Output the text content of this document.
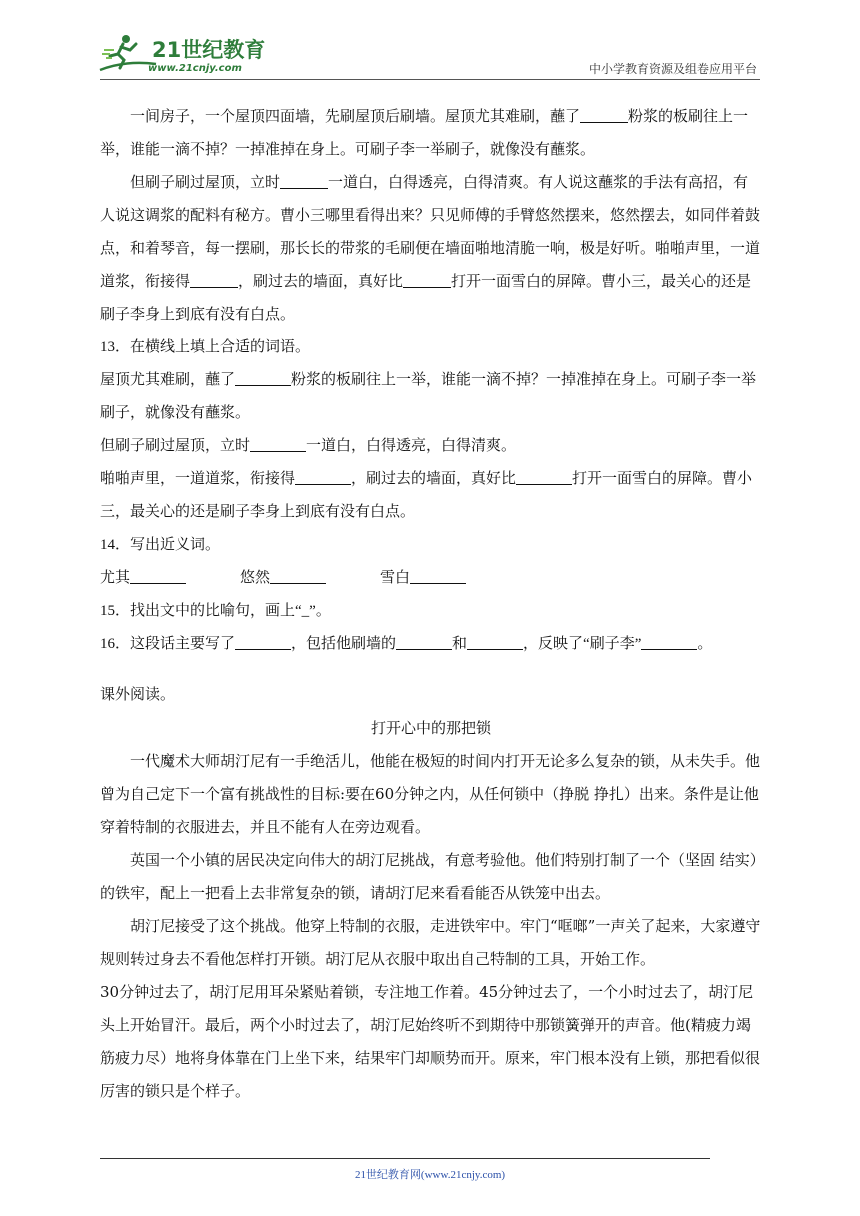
21世纪教育
www.21cnjy.com	中小学教育资源及组卷应用平台

一间房子，一个屋顶四面墙，先刷屋顶后刷墙。屋顶尤其难刷，蘸了	粉浆的板刷往上一举，谁能一滴不掉？一掉准掉在身上。可刷子李一举刷子，就像没有蘸浆。

但刷子刷过屋顶，立时	一道白，白得透亮，白得清爽。有人说这蘸浆的手法有高招，有人说这调浆的配料有秘方。曹小三哪里看得出来？只见师傅的手臂悠然摆来，悠然摆去，如同伴着鼓点，和着琴音，每一摆刷，那长长的带浆的毛刷便在墙面啪地清脆一响，极是好听。啪啪声里，一道道浆，衔接得	，刷过去的墙面，真好比	打开一面雪白的屏障。曹小三，最关心的还是刷子李身上到底有没有白点。

13．在横线上填上合适的词语。

屋顶尤其难刷，蘸了	粉浆的板刷往上一举，谁能一滴不掉？一掉准掉在身上。可刷子李一举刷子，就像没有蘸浆。

但刷子刷过屋顶，立时	一道白，白得透亮，白得清爽。

啪啪声里，一道道浆，衔接得	，刷过去的墙面，真好比	打开一面雪白的屏障。曹小三，最关心的还是刷子李身上到底有没有白点。

14．写出近义词。

尤其	悠然	雪白

15．找出文中的比喻句，画上“_”。

16．这段话主要写了	，包括他刷墙的	和	，反映了“刷子李”	。

课外阅读。

打开心中的那把锁

一代魔术大师胡汀尼有一手绝活儿，他能在极短的时间内打开无论多么复杂的锁，从未失手。他曾为自己定下一个富有挑战性的目标:要在60分钟之内，从任何锁中（挣脱 挣扎）出来。条件是让他穿着特制的衣服进去，并且不能有人在旁边观看。

英国一个小镇的居民决定向伟大的胡汀尼挑战，有意考验他。他们特别打制了一个（坚固 结实）的铁牢，配上一把看上去非常复杂的锁，请胡汀尼来看看能否从铁笼中出去。

胡汀尼接受了这个挑战。他穿上特制的衣服，走进铁牢中。牢门“哐啷”一声关了起来，大家遵守规则转过身去不看他怎样打开锁。胡汀尼从衣服中取出自己特制的工具，开始工作。

30分钟过去了，胡汀尼用耳朵紧贴着锁，专注地工作着。45分钟过去了，一个小时过去了，胡汀尼头上开始冒汗。最后，两个小时过去了，胡汀尼始终听不到期待中那锁簧弹开的声音。他(精疲力竭 筋疲力尽）地将身体靠在门上坐下来，结果牢门却顺势而开。原来，牢门根本没有上锁，那把看似很厉害的锁只是个样子。

21世纪教育网(www.21cnjy.com)
